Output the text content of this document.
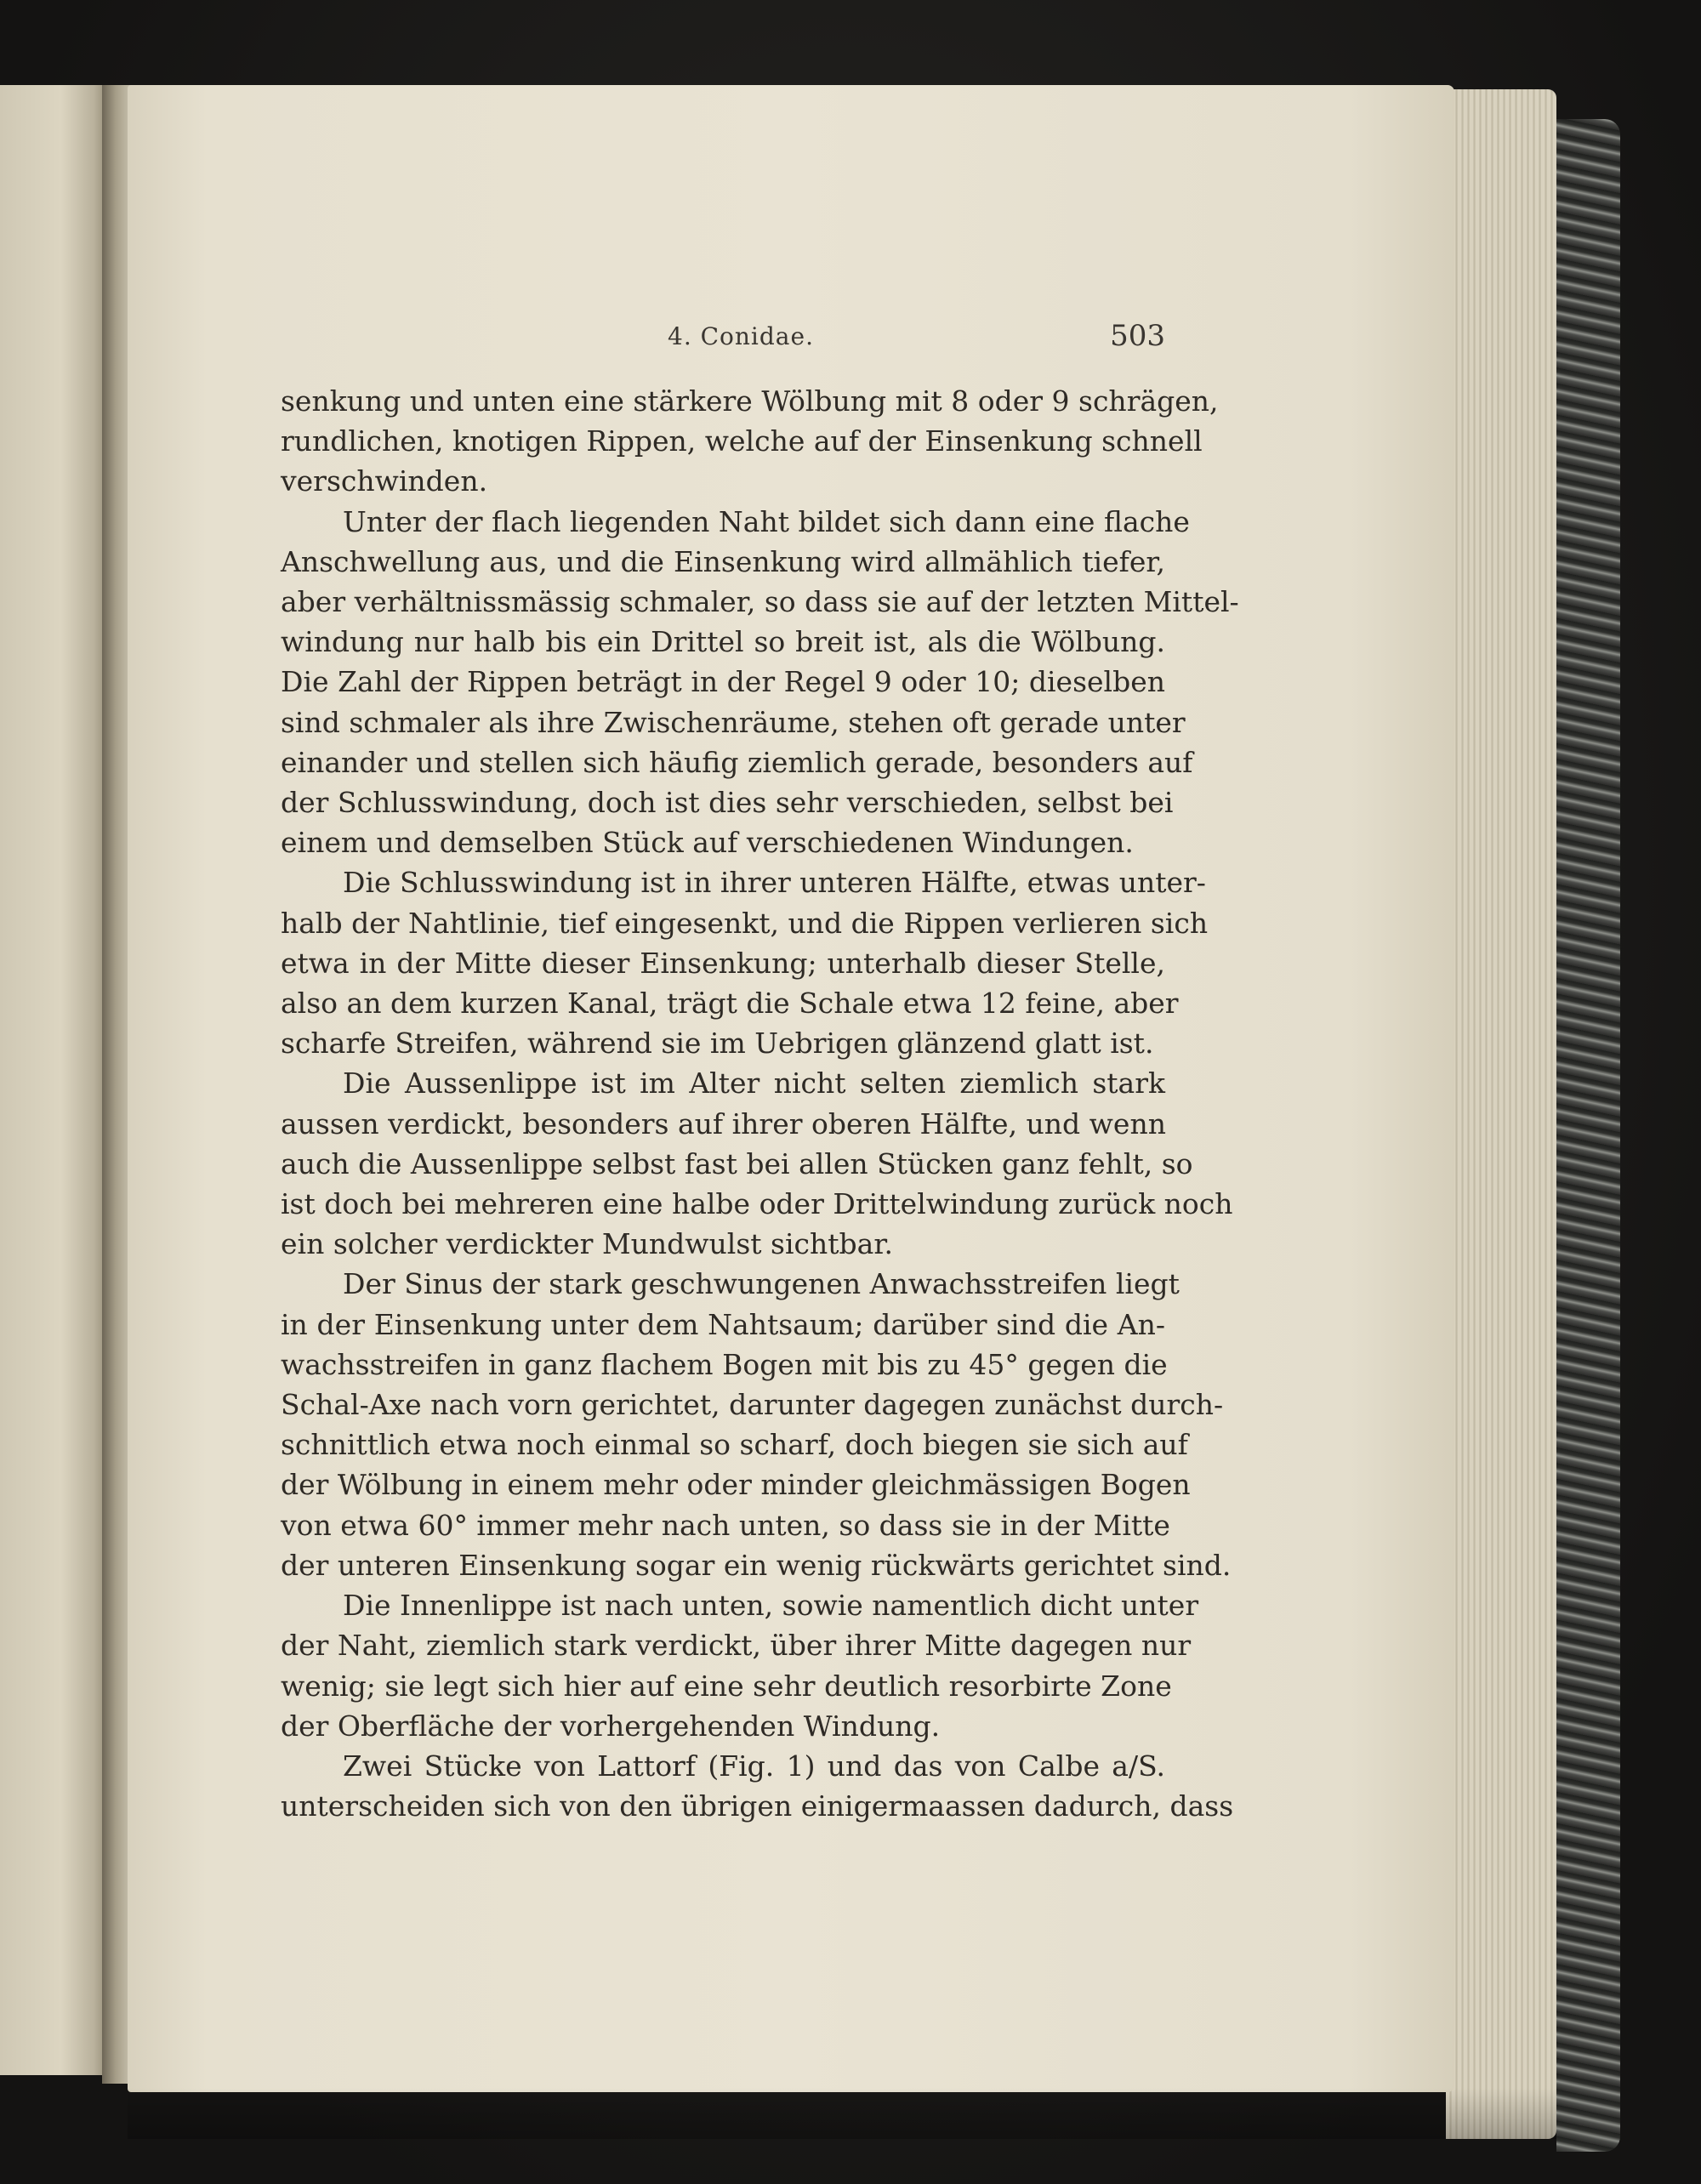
4. Conidae.	503
senkung und unten eine stärkere Wölbung mit 8 oder 9 schrägen,
rundlichen, knotigen Rippen, welche auf der Einsenkung schnell
verschwinden.
Unter der flach liegenden Naht bildet sich dann eine flache
Anschwellung aus, und die Einsenkung wird allmählich tiefer,
aber verhältnissmässig schmaler, so dass sie auf der letzten Mittel-
windung nur halb bis ein Drittel so breit ist, als die Wölbung.
Die Zahl der Rippen beträgt in der Regel 9 oder 10; dieselben
sind schmaler als ihre Zwischenräume, stehen oft gerade unter
einander und stellen sich häufig ziemlich gerade, besonders auf
der Schlusswindung, doch ist dies sehr verschieden, selbst bei
einem und demselben Stück auf verschiedenen Windungen.
Die Schlusswindung ist in ihrer unteren Hälfte, etwas unter-
halb der Nahtlinie, tief eingesenkt, und die Rippen verlieren sich
etwa in der Mitte dieser Einsenkung; unterhalb dieser Stelle,
also an dem kurzen Kanal, trägt die Schale etwa 12 feine, aber
scharfe Streifen, während sie im Uebrigen glänzend glatt ist.
Die Aussenlippe ist im Alter nicht selten ziemlich stark
aussen verdickt, besonders auf ihrer oberen Hälfte, und wenn
auch die Aussenlippe selbst fast bei allen Stücken ganz fehlt, so
ist doch bei mehreren eine halbe oder Drittelwindung zurück noch
ein solcher verdickter Mundwulst sichtbar.
Der Sinus der stark geschwungenen Anwachsstreifen liegt
in der Einsenkung unter dem Nahtsaum; darüber sind die An-
wachsstreifen in ganz flachem Bogen mit bis zu 45° gegen die
Schal-Axe nach vorn gerichtet, darunter dagegen zunächst durch-
schnittlich etwa noch einmal so scharf, doch biegen sie sich auf
der Wölbung in einem mehr oder minder gleichmässigen Bogen
von etwa 60° immer mehr nach unten, so dass sie in der Mitte
der unteren Einsenkung sogar ein wenig rückwärts gerichtet sind.
Die Innenlippe ist nach unten, sowie namentlich dicht unter
der Naht, ziemlich stark verdickt, über ihrer Mitte dagegen nur
wenig; sie legt sich hier auf eine sehr deutlich resorbirte Zone
der Oberfläche der vorhergehenden Windung.
Zwei Stücke von Lattorf (Fig. 1) und das von Calbe a/S.
unterscheiden sich von den übrigen einigermaassen dadurch, dass
